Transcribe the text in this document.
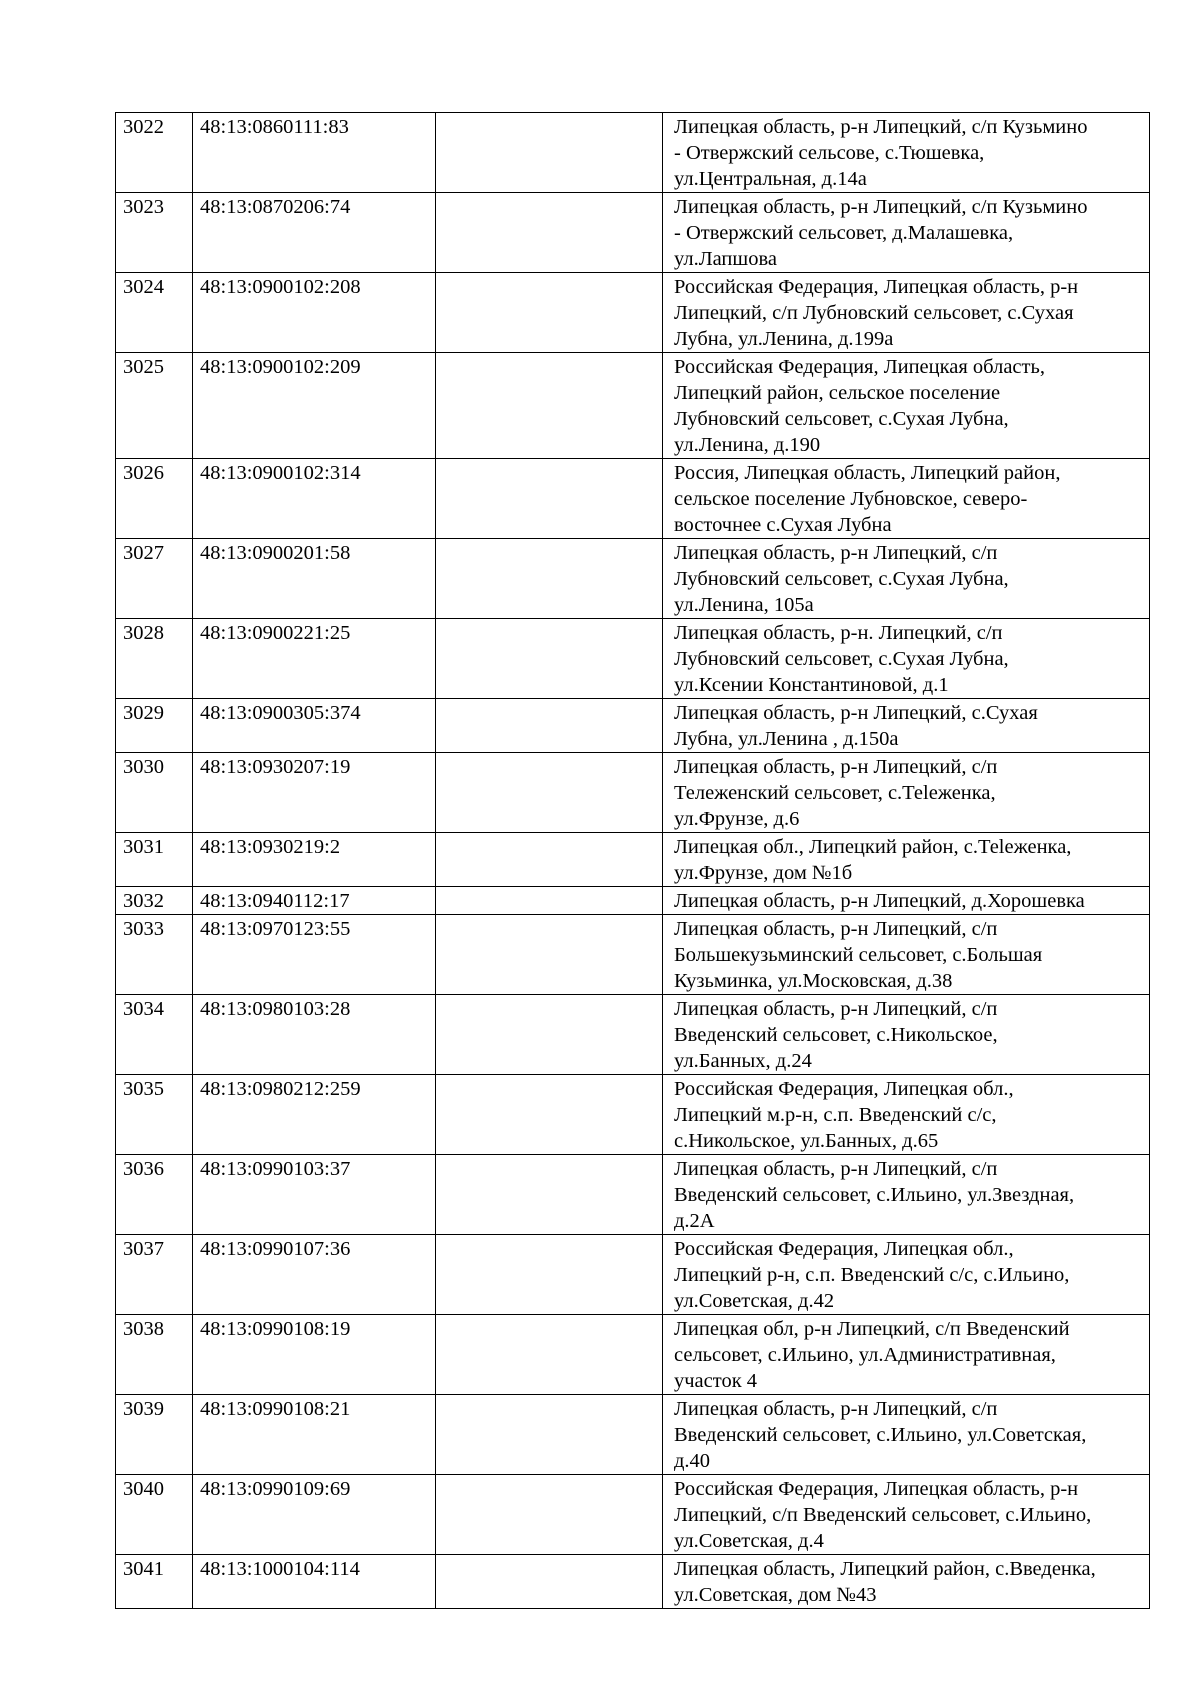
3022	48:13:0860111:83		Липецкая область, р-н Липецкий, с/п Кузьмино
- Отвержский сельсове, с.Тюшевка,
ул.Центральная, д.14а
3023	48:13:0870206:74		Липецкая область, р-н Липецкий, с/п Кузьмино
- Отвержский сельсовет, д.Малашевка,
ул.Лапшова
3024	48:13:0900102:208		Российская Федерация, Липецкая область, р-н
Липецкий, с/п Лубновский сельсовет, с.Сухая
Лубна, ул.Ленина, д.199а
3025	48:13:0900102:209		Российская Федерация, Липецкая область,
Липецкий район, сельское поселение
Лубновский сельсовет, с.Сухая Лубна,
ул.Ленина, д.190
3026	48:13:0900102:314		Россия, Липецкая область, Липецкий район,
сельское поселение Лубновское, северо-
восточнее с.Сухая Лубна
3027	48:13:0900201:58		Липецкая область, р-н Липецкий, с/п
Лубновский сельсовет, с.Сухая Лубна,
ул.Ленина, 105а
3028	48:13:0900221:25		Липецкая область, р-н. Липецкий, с/п
Лубновский сельсовет, с.Сухая Лубна,
ул.Ксении Константиновой, д.1
3029	48:13:0900305:374		Липецкая область, р-н Липецкий, с.Сухая
Лубна, ул.Ленина , д.150а
3030	48:13:0930207:19		Липецкая область, р-н Липецкий, с/п
Тележенский сельсовет, с.Теleженка,
ул.Фрунзе, д.6
3031	48:13:0930219:2		Липецкая обл., Липецкий район, с.Теleженка,
ул.Фрунзе, дом №1б
3032	48:13:0940112:17		Липецкая область, р-н Липецкий, д.Хорошевка
3033	48:13:0970123:55		Липецкая область, р-н Липецкий, с/п
Большекузьминский сельсовет, с.Большая
Кузьминка, ул.Московская, д.38
3034	48:13:0980103:28		Липецкая область, р-н Липецкий, с/п
Введенский сельсовет, с.Никольское,
ул.Банных, д.24
3035	48:13:0980212:259		Российская Федерация, Липецкая обл.,
Липецкий м.р-н, с.п. Введенский с/с,
с.Никольское, ул.Банных, д.65
3036	48:13:0990103:37		Липецкая область, р-н Липецкий, с/п
Введенский сельсовет, с.Ильино, ул.Звездная,
д.2А
3037	48:13:0990107:36		Российская Федерация, Липецкая обл.,
Липецкий р-н, с.п. Введенский с/с, с.Ильино,
ул.Советская, д.42
3038	48:13:0990108:19		Липецкая обл, р-н Липецкий, с/п Введенский
сельсовет, с.Ильино, ул.Административная,
участок 4
3039	48:13:0990108:21		Липецкая область, р-н Липецкий, с/п
Введенский сельсовет, с.Ильино, ул.Советская,
д.40
3040	48:13:0990109:69		Российская Федерация, Липецкая область, р-н
Липецкий, с/п Введенский сельсовет, с.Ильино,
ул.Советская, д.4
3041	48:13:1000104:114		Липецкая область, Липецкий район, с.Введенка,
ул.Советская, дом №43
